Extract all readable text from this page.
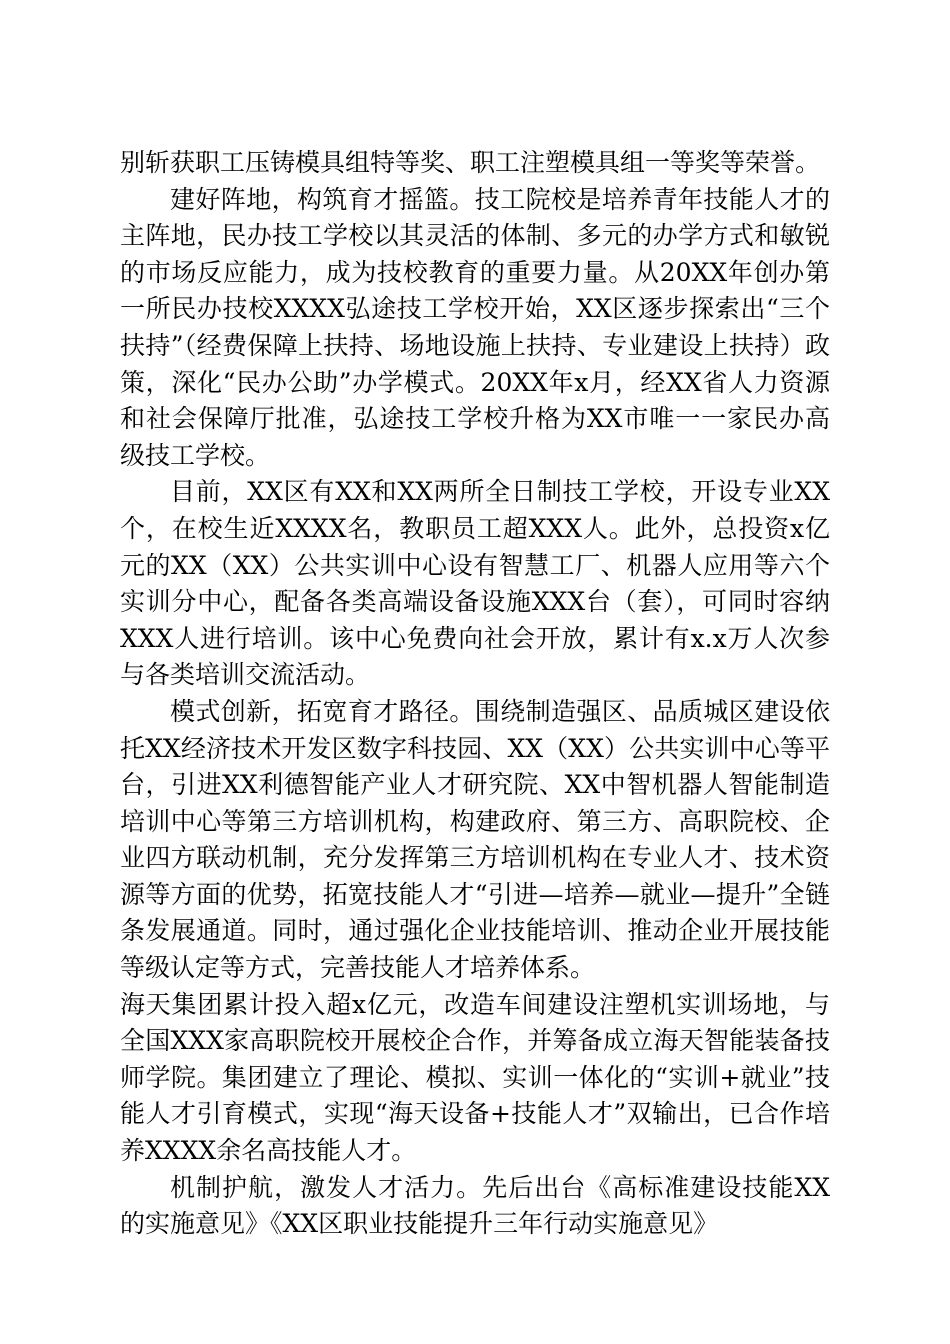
别斩获职工压铸模具组特等奖、职工注塑模具组一等奖等荣誉。

建好阵地，构筑育才摇篮。技工院校是培养青年技能人才的主阵地，民办技工学校以其灵活的体制、多元的办学方式和敏锐的市场反应能力，成为技校教育的重要力量。从20XX年创办第一所民办技校XXXX弘途技工学校开始，XX区逐步探索出“三个扶持”（经费保障上扶持、场地设施上扶持、专业建设上扶持）政策，深化“民办公助”办学模式。20XX年x月，经XX省人力资源和社会保障厅批准，弘途技工学校升格为XX市唯一一家民办高级技工学校。

目前，XX区有XX和XX两所全日制技工学校，开设专业XX个，在校生近XXXX名，教职员工超XXX人。此外，总投资x亿元的XX（XX）公共实训中心设有智慧工厂、机器人应用等六个实训分中心，配备各类高端设备设施XXX台（套），可同时容纳XXX人进行培训。该中心免费向社会开放，累计有x.x万人次参与各类培训交流活动。

模式创新，拓宽育才路径。围绕制造强区、品质城区建设依托XX经济技术开发区数字科技园、XX（XX）公共实训中心等平台，引进XX利德智能产业人才研究院、XX中智机器人智能制造培训中心等第三方培训机构，构建政府、第三方、高职院校、企业四方联动机制，充分发挥第三方培训机构在专业人才、技术资源等方面的优势，拓宽技能人才“引进—培养—就业—提升”全链条发展通道。同时，通过强化企业技能培训、推动企业开展技能等级认定等方式，完善技能人才培养体系。

海天集团累计投入超x亿元，改造车间建设注塑机实训场地，与全国XXX家高职院校开展校企合作，并筹备成立海天智能装备技师学院。集团建立了理论、模拟、实训一体化的“实训+就业”技能人才引育模式，实现“海天设备+技能人才”双输出，已合作培养XXXX余名高技能人才。

机制护航，激发人才活力。先后出台《高标准建设技能XX的实施意见》《XX区职业技能提升三年行动实施意见》
